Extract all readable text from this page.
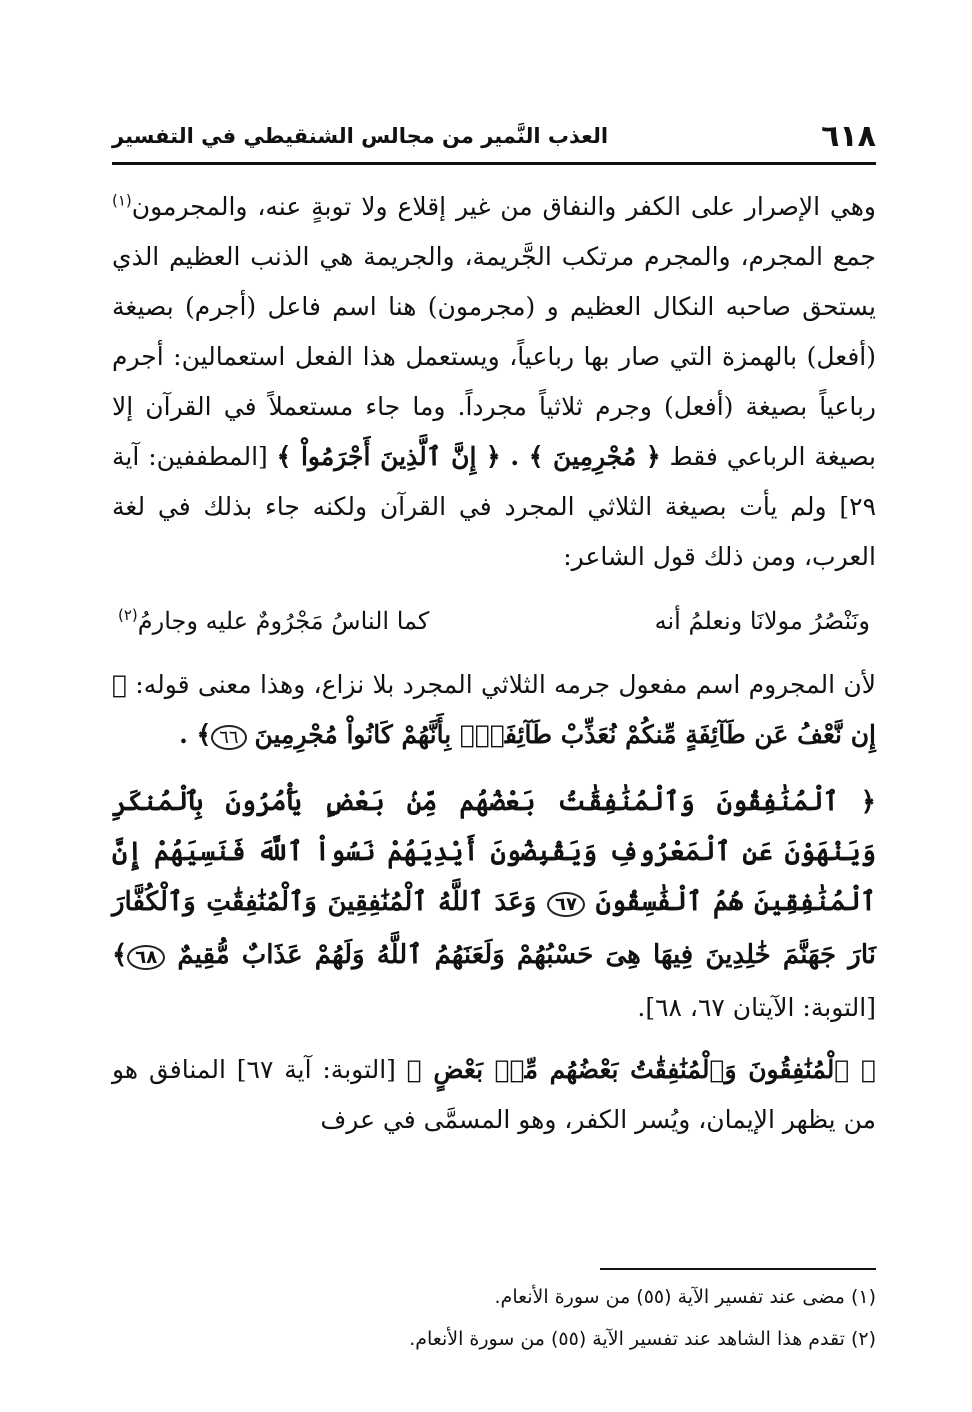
٦١٨
العذب النَّمير من مجالس الشنقيطي في التفسير

وهي الإصرار على الكفر والنفاق من غير إقلاع ولا توبةٍ عنه، والمجرمون$^{(١)}$ جمع المجرم، والمجرم مرتكب الجَّريمة، والجريمة هي الذنب العظيم الذي يستحق صاحبه النكال العظيم و (مجرمون) هنا اسم فاعل (أجرم) بصيغة (أفعل) بالهمزة التي صار بها رباعياً، ويستعمل هذا الفعل استعمالين: أجرم رباعياً بصيغة (أفعل) وجرم ثلاثياً مجرداً. وما جاء مستعملاً في القرآن إلا بصيغة الرباعي فقط ﴿ مُجْرِمِينَ ﴾ . ﴿ إِنَّ ٱلَّذِينَ أَجْرَمُواْ ﴾ [المطففين: آية ٢٩] ولم يأت بصيغة الثلاثي المجرد في القرآن ولكنه جاء بذلك في لغة العرب، ومن ذلك قول الشاعر:

ونَنْصُرُ مولانَا ونعلمُ أنه
كما الناسُ مَجْرُومٌ عليه وجارمُ$^{(٢)}$

لأن المجروم اسم مفعول جرمه الثلاثي المجرد بلا نزاع، وهذا معنى قوله: ﴿ إِن نَّعْفُ عَن طَآئِفَةٍ مِّنكُمْ نُعَذِّبْ طَآئِفَةًۢ بِأَنَّهُمْ كَانُواْ مُجْرِمِينَ ٦٦﴾ .

﴿ ٱلْمُنَٰفِقُونَ وَٱلْمُنَٰفِقَٰتُ بَعْضُهُم مِّنۢ بَعْضٍ يَأْمُرُونَ بِٱلْمُنكَرِ وَيَنْهَوْنَ عَنِ ٱلْمَعْرُوفِ وَيَقْبِضُونَ أَيْدِيَهُمْ نَسُواْ ٱللَّهَ فَنَسِيَهُمْ إِنَّ ٱلْمُنَٰفِقِينَ هُمُ ٱلْفَٰسِقُونَ ٦٧ وَعَدَ ٱللَّهُ ٱلْمُنَٰفِقِينَ وَٱلْمُنَٰفِقَٰتِ وَٱلْكُفَّارَ نَارَ جَهَنَّمَ خَٰلِدِينَ فِيهَا هِىَ حَسْبُهُمْ وَلَعَنَهُمُ ٱللَّهُ وَلَهُمْ عَذَابٌ مُّقِيمٌ ٦٨﴾ [التوبة: الآيتان ٦٧، ٦٨].

﴿ ٱلْمُنَٰفِقُونَ وَٱلْمُنَٰفِقَٰتُ بَعْضُهُم مِّنۢ بَعْضٍ ﴾ [التوبة: آية ٦٧] المنافق هو من يظهر الإيمان، ويُسر الكفر، وهو المسمَّى في عرف

(١) مضى عند تفسير الآية (٥٥) من سورة الأنعام.

(٢) تقدم هذا الشاهد عند تفسير الآية (٥٥) من سورة الأنعام.
